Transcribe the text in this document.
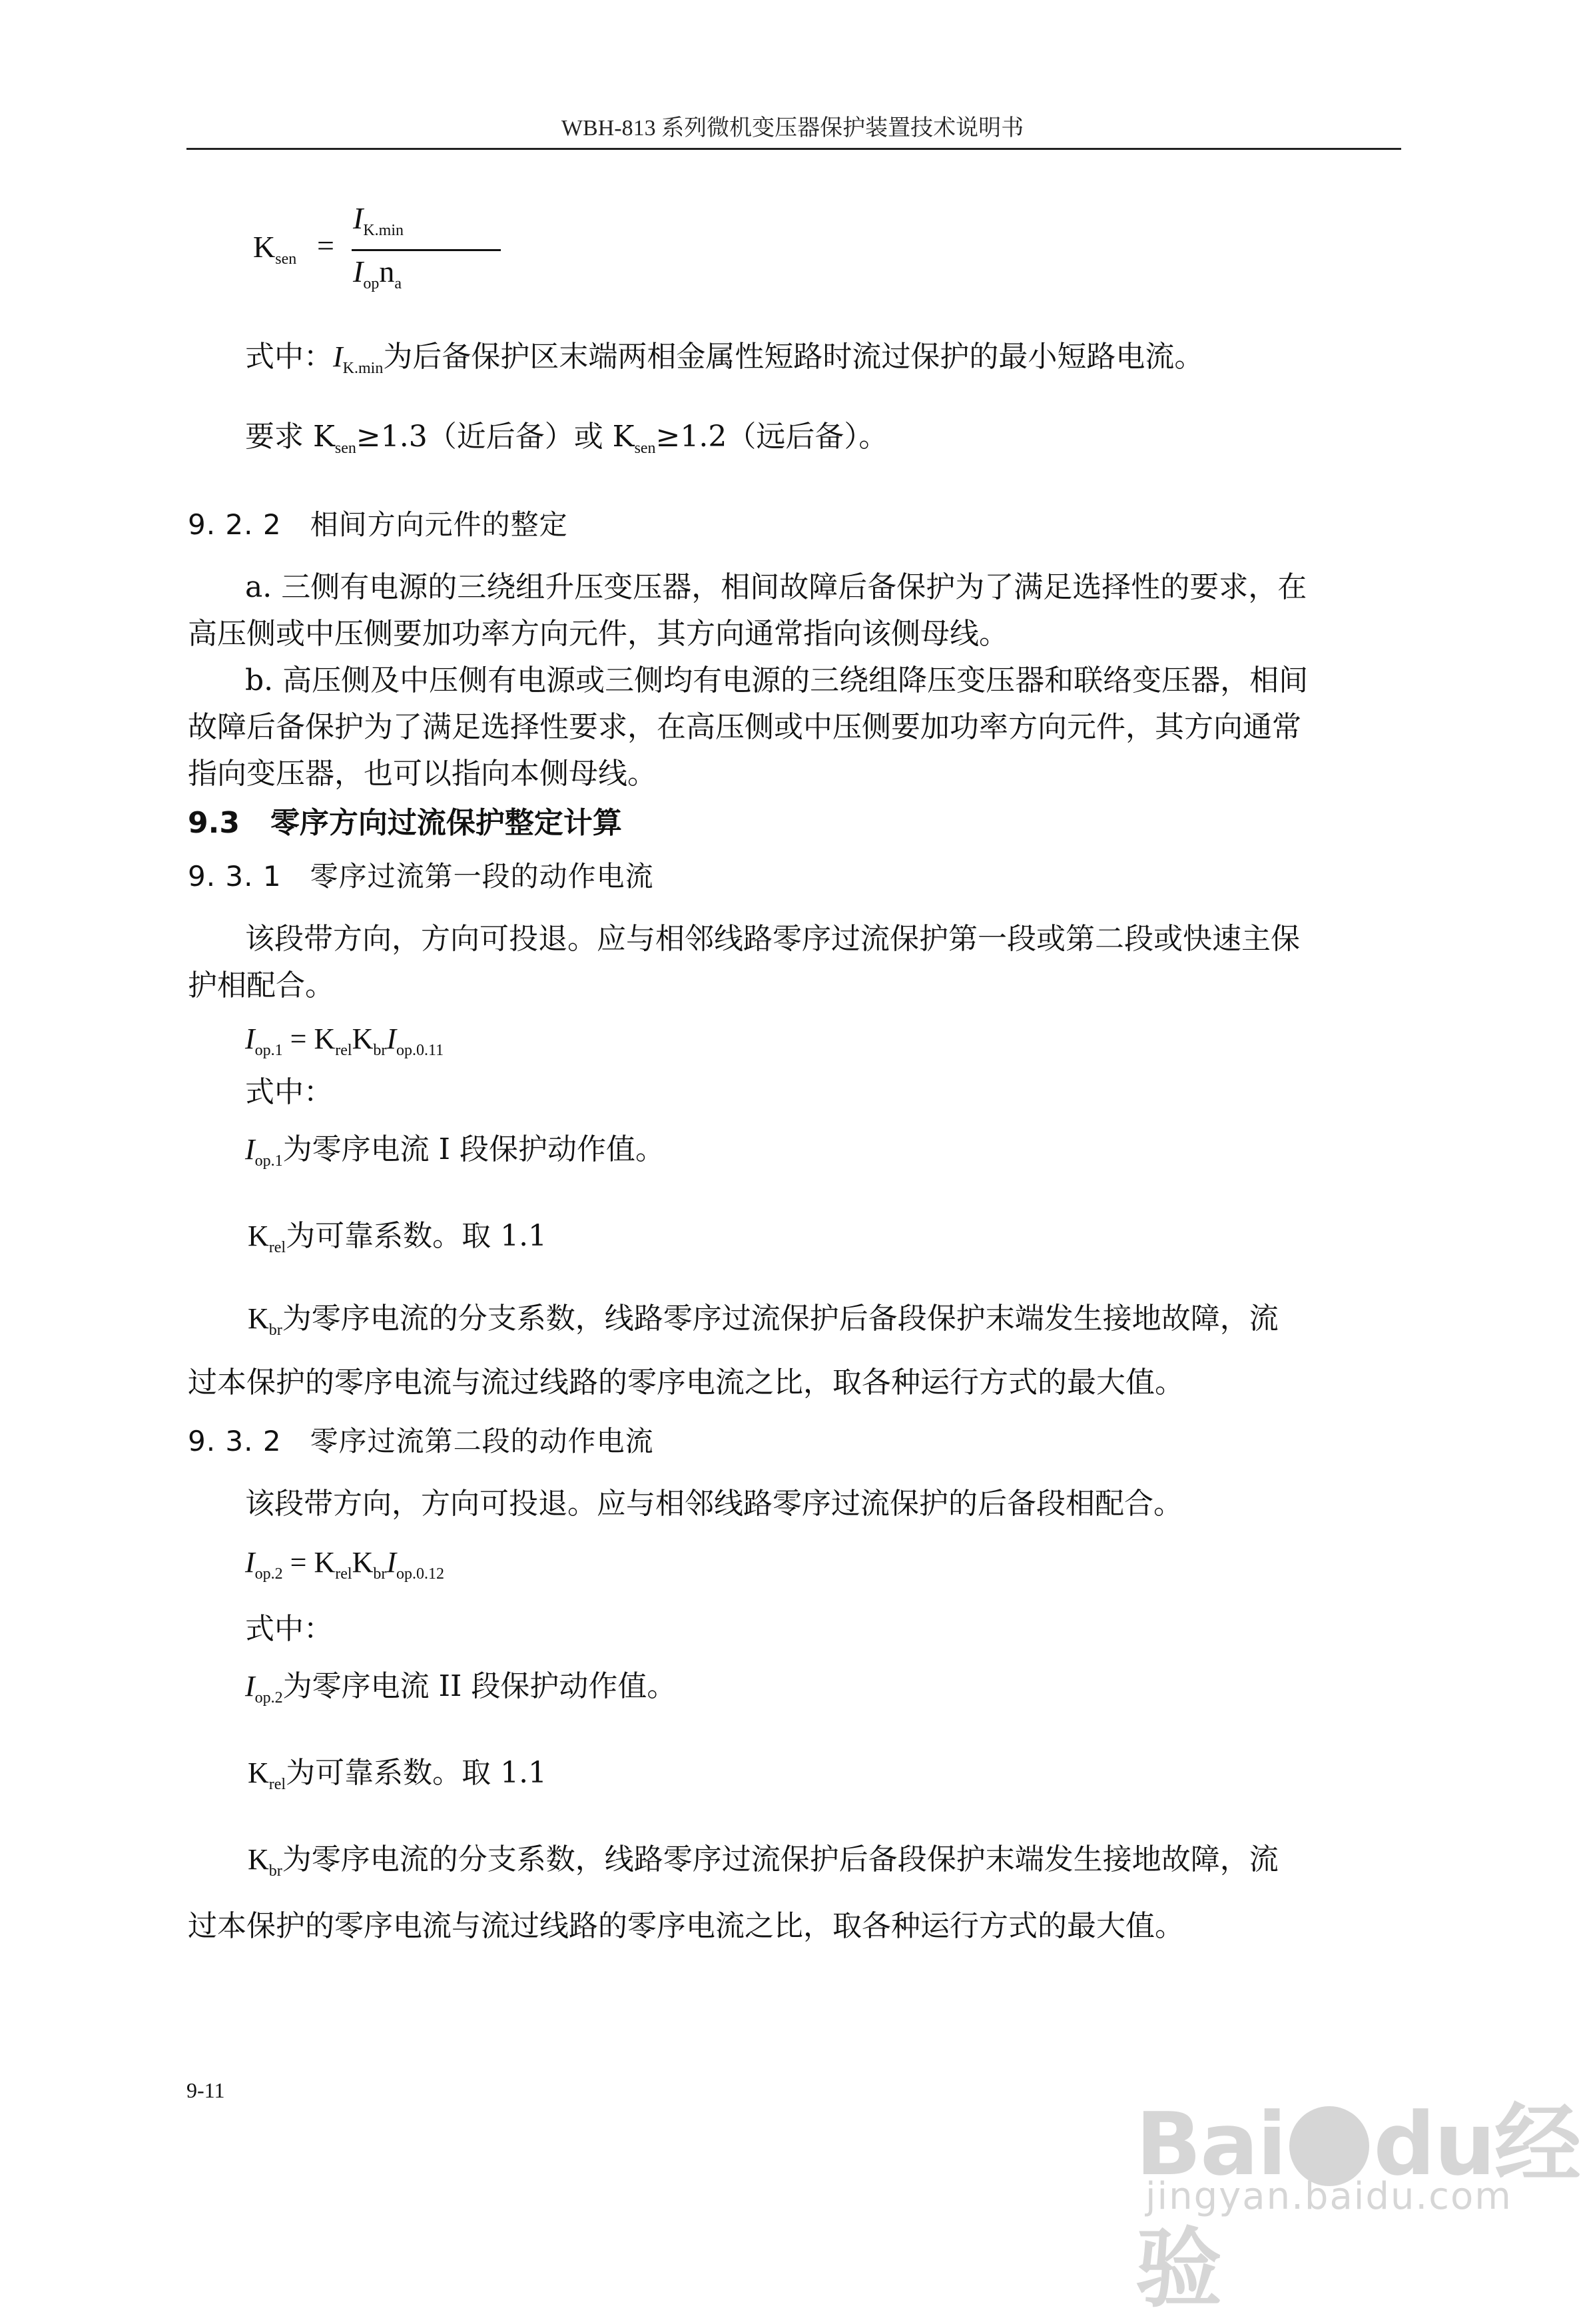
WBH-813 系列微机变压器保护装置技术说明书
$K_{sen}$ =
$I_{K.min}$
$I_{op}n_a$
式中：$I_{K.min}$为后备保护区末端两相金属性短路时流过保护的最小短路电流。
要求 $K_{sen}\ge 1.3$（近后备）或 $K_{sen}\ge 1.2$（远后备）。
9. 2. 2 相间方向元件的整定
a. 三侧有电源的三绕组升压变压器，相间故障后备保护为了满足选择性的要求，在
高压侧或中压侧要加功率方向元件，其方向通常指向该侧母线。
b. 高压侧及中压侧有电源或三侧均有电源的三绕组降压变压器和联络变压器，相间
故障后备保护为了满足选择性要求，在高压侧或中压侧要加功率方向元件，其方向通常
指向变压器，也可以指向本侧母线。
9.3 零序方向过流保护整定计算
9. 3. 1 零序过流第一段的动作电流
该段带方向，方向可投退。应与相邻线路零序过流保护第一段或第二段或快速主保
护相配合。
$I_{op.1} = K_{rel}K_{br}I_{op.0.11}$
式中：
$I_{op.1}$为零序电流 I 段保护动作值。
$K_{rel}$为可靠系数。取 1.1
$K_{br}$为零序电流的分支系数，线路零序过流保护后备段保护末端发生接地故障，流
过本保护的零序电流与流过线路的零序电流之比，取各种运行方式的最大值。
9. 3. 2 零序过流第二段的动作电流
该段带方向，方向可投退。应与相邻线路零序过流保护的后备段相配合。
$I_{op.2} = K_{rel}K_{br}I_{op.0.12}$
式中：
$I_{op.2}$为零序电流 II 段保护动作值。
$K_{rel}$为可靠系数。取 1.1
$K_{br}$为零序电流的分支系数，线路零序过流保护后备段保护末端发生接地故障，流
过本保护的零序电流与流过线路的零序电流之比，取各种运行方式的最大值。
9-11
Bai du经验
jingyan.baidu.com
